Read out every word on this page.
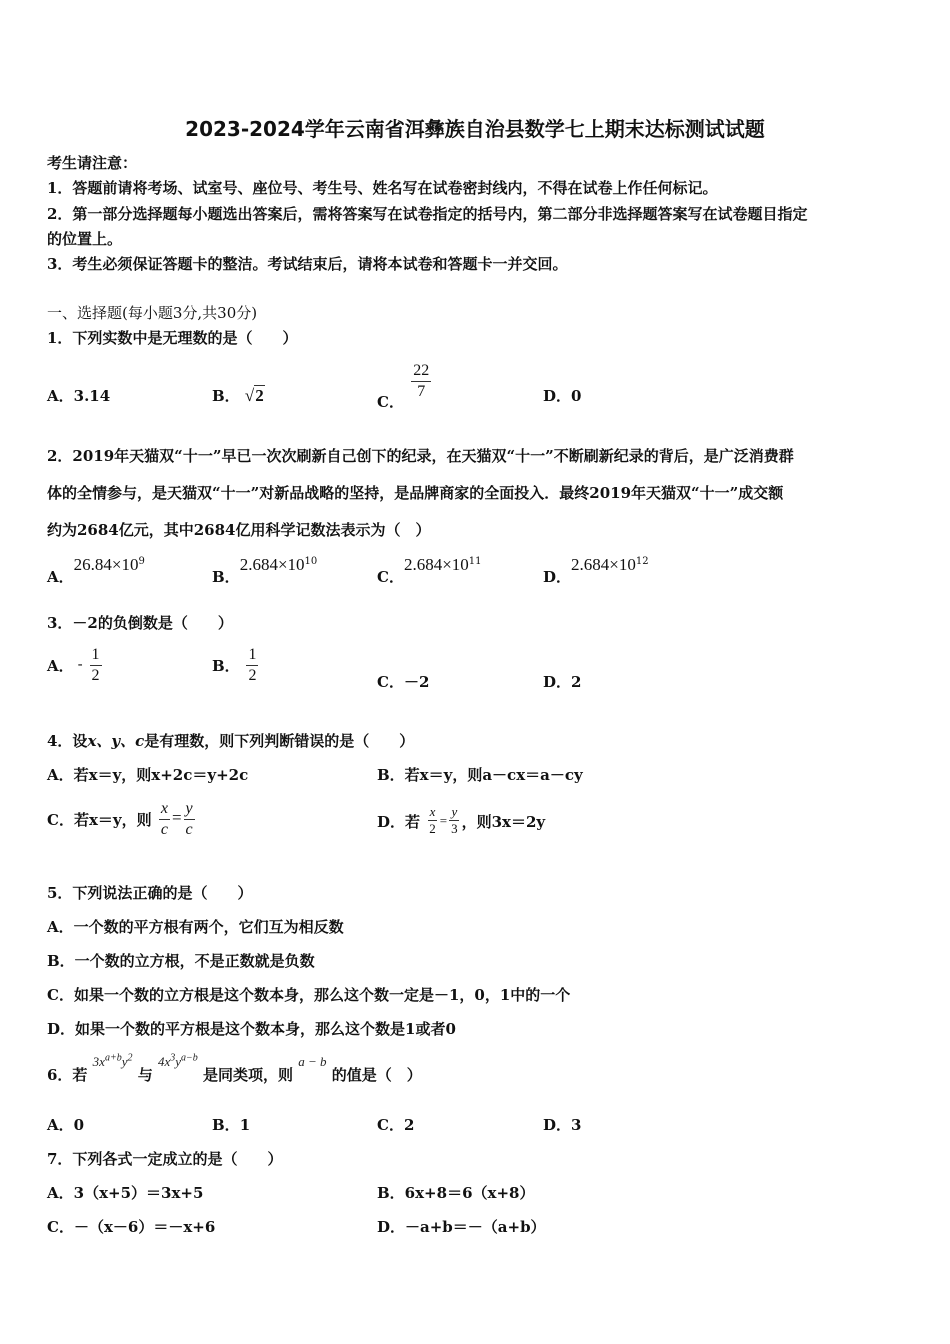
2023-2024学年云南省洱彝族自治县数学七上期末达标测试试题
考生请注意：
1．答题前请将考场、试室号、座位号、考生号、姓名写在试卷密封线内，不得在试卷上作任何标记。
2．第一部分选择题每小题选出答案后，需将答案写在试卷指定的括号内，第二部分非选择题答案写在试卷题目指定
的位置上。
3．考生必须保证答题卡的整洁。考试结束后，请将本试卷和答题卡一并交回。
一、选择题(每小题3分,共30分)
1．下列实数中是无理数的是（　　）
A．3.14	B． √2	C．
$\frac{22}{7}$	D．0
2．2019年天猫双“十一”早已一次次刷新自己创下的纪录，在天猫双“十一”不断刷新纪录的背后，是广泛消费群
体的全情参与，是天猫双“十一”对新品战略的坚持，是品牌商家的全面投入．最终2019年天猫双“十一”成交额
约为2684亿元，其中2684亿用科学记数法表示为（　）
A．$26.84\times 10^9$
B．$2.684\times 10^{10}$
C．$2.684\times 10^{11}$
D．$2.684\times 10^{12}$
3．－2的负倒数是（　　）
A． - $\frac{1}{2}$	B． $\frac{1}{2}$	C．－2	D．2
4．设x、y、c是有理数，则下列判断错误的是（　　）
A．若x＝y，则x+2c＝y+2c	B．若x＝y，则a－cx＝a－cy
C．若x＝y，则 $\frac{x}{c} = \frac{y}{c}$	D．若 $\frac{x}{2} = \frac{y}{3}$ ，则3x＝2y
5．下列说法正确的是（　　）
A．一个数的平方根有两个，它们互为相反数
B．一个数的立方根，不是正数就是负数
C．如果一个数的立方根是这个数本身，那么这个数一定是－1，0，1中的一个
D．如果一个数的平方根是这个数本身，那么这个数是1或者0
6．若 $3x^{a+b}y^2$ 与 $4x^3y^{a-b}$ 是同类项，则 a − b 的值是（　）
A．0	B．1	C．2	D．3
7．下列各式一定成立的是（　　）
A．3（x+5）＝3x+5	B．6x+8＝6（x+8）
C．－（x－6）＝－x+6	D．－a+b＝－（a+b）
